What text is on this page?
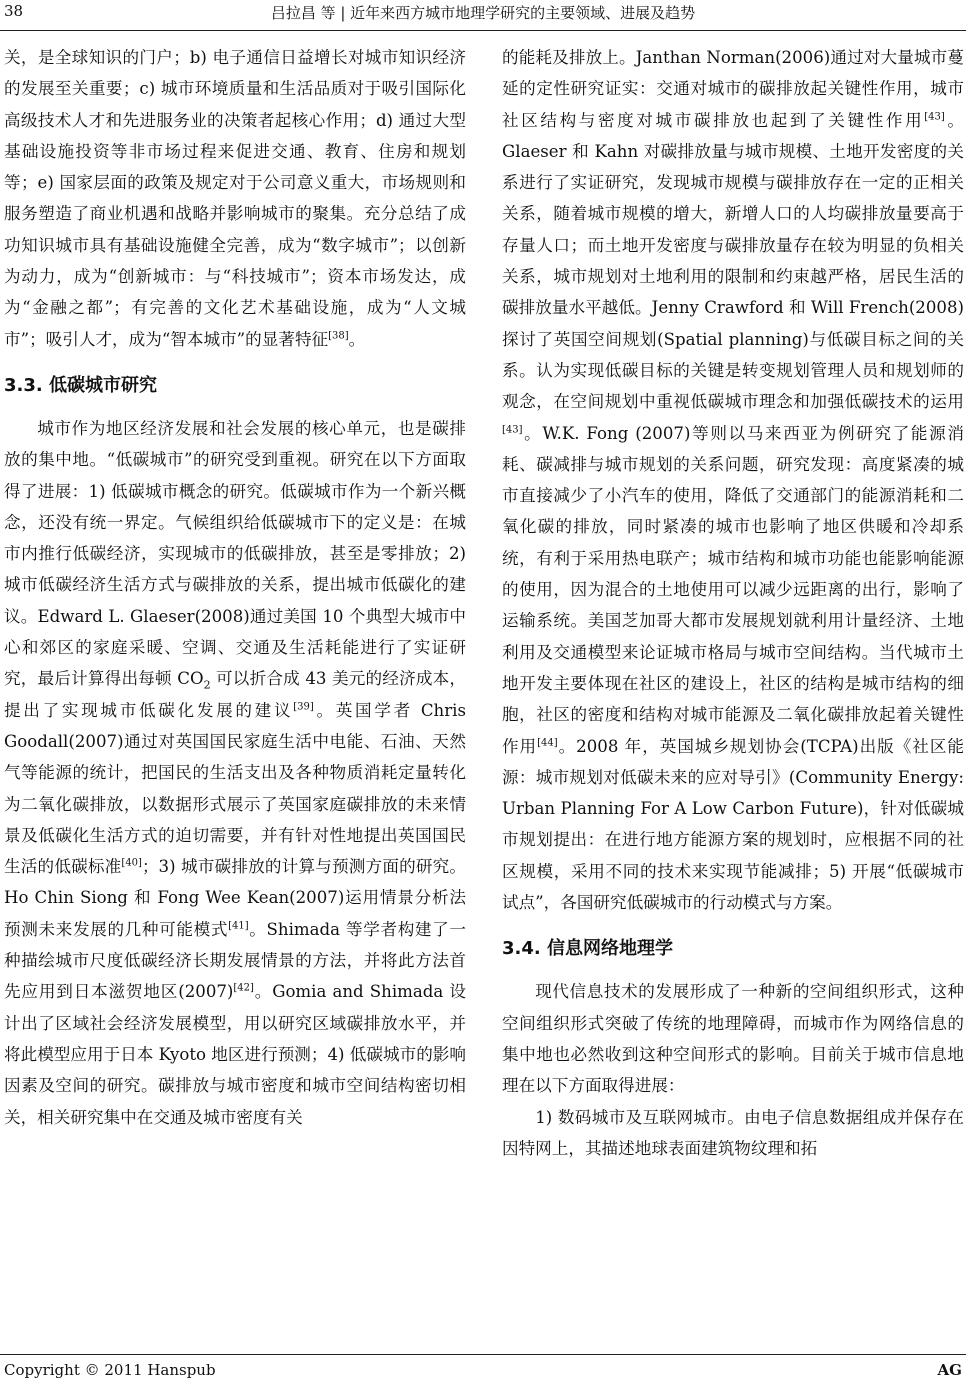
38	吕拉昌 等 | 近年来西方城市地理学研究的主要领域、进展及趋势

关，是全球知识的门户；b) 电子通信日益增长对城市知识经济的发展至关重要；c) 城市环境质量和生活品质对于吸引国际化高级技术人才和先进服务业的决策者起核心作用；d) 通过大型基础设施投资等非市场过程来促进交通、教育、住房和规划等；e) 国家层面的政策及规定对于公司意义重大，市场规则和服务塑造了商业机遇和战略并影响城市的聚集。充分总结了成功知识城市具有基础设施健全完善，成为“数字城市”；以创新为动力，成为“创新城市：与“科技城市”；资本市场发达，成为“金融之都”；有完善的文化艺术基础设施，成为“人文城市”；吸引人才，成为“智本城市”的显著特征[38]。

3.3. 低碳城市研究

城市作为地区经济发展和社会发展的核心单元，也是碳排放的集中地。“低碳城市”的研究受到重视。研究在以下方面取得了进展：1) 低碳城市概念的研究。低碳城市作为一个新兴概念，还没有统一界定。气候组织给低碳城市下的定义是：在城市内推行低碳经济，实现城市的低碳排放，甚至是零排放；2) 城市低碳经济生活方式与碳排放的关系，提出城市低碳化的建议。Edward L. Glaeser(2008)通过美国 10 个典型大城市中心和郊区的家庭采暖、空调、交通及生活耗能进行了实证研究，最后计算得出每顿 $CO_2$ 可以折合成 43 美元的经济成本，提出了实现城市低碳化发展的建议[39]。英国学者 Chris Goodall(2007)通过对英国国民家庭生活中电能、石油、天然气等能源的统计，把国民的生活支出及各种物质消耗定量转化为二氧化碳排放，以数据形式展示了英国家庭碳排放的未来情景及低碳化生活方式的迫切需要，并有针对性地提出英国国民生活的低碳标准[40]；3) 城市碳排放的计算与预测方面的研究。Ho Chin Siong 和 Fong Wee Kean(2007)运用情景分析法预测未来发展的几种可能模式[41]。Shimada 等学者构建了一种描绘城市尺度低碳经济长期发展情景的方法，并将此方法首先应用到日本滋贺地区(2007)[42]。Gomia and Shimada 设计出了区域社会经济发展模型，用以研究区域碳排放水平，并将此模型应用于日本 Kyoto 地区进行预测；4) 低碳城市的影响因素及空间的研究。碳排放与城市密度和城市空间结构密切相关，相关研究集中在交通及城市密度有关

的能耗及排放上。Janthan Norman(2006)通过对大量城市蔓延的定性研究证实：交通对城市的碳排放起关键性作用，城市社区结构与密度对城市碳排放也起到了关键性作用[43]。Glaeser 和 Kahn 对碳排放量与城市规模、土地开发密度的关系进行了实证研究，发现城市规模与碳排放存在一定的正相关关系，随着城市规模的增大，新增人口的人均碳排放量要高于存量人口；而土地开发密度与碳排放量存在较为明显的负相关关系，城市规划对土地利用的限制和约束越严格，居民生活的碳排放量水平越低。Jenny Crawford 和 Will French(2008)探讨了英国空间规划(Spatial planning)与低碳目标之间的关系。认为实现低碳目标的关键是转变规划管理人员和规划师的观念，在空间规划中重视低碳城市理念和加强低碳技术的运用[43]。W.K. Fong (2007)等则以马来西亚为例研究了能源消耗、碳减排与城市规划的关系问题，研究发现：高度紧凑的城市直接减少了小汽车的使用，降低了交通部门的能源消耗和二氧化碳的排放，同时紧凑的城市也影响了地区供暖和冷却系统，有利于采用热电联产；城市结构和城市功能也能影响能源的使用，因为混合的土地使用可以减少远距离的出行，影响了运输系统。美国芝加哥大都市发展规划就利用计量经济、土地利用及交通模型来论证城市格局与城市空间结构。当代城市土地开发主要体现在社区的建设上，社区的结构是城市结构的细胞，社区的密度和结构对城市能源及二氧化碳排放起着关键性作用[44]。2008 年，英国城乡规划协会(TCPA)出版《社区能源：城市规划对低碳未来的应对导引》(Community Energy: Urban Planning For A Low Carbon Future)，针对低碳城市规划提出：在进行地方能源方案的规划时，应根据不同的社区规模，采用不同的技术来实现节能减排；5) 开展“低碳城市试点”，各国研究低碳城市的行动模式与方案。

3.4. 信息网络地理学

现代信息技术的发展形成了一种新的空间组织形式，这种空间组织形式突破了传统的地理障碍，而城市作为网络信息的集中地也必然收到这种空间形式的影响。目前关于城市信息地理在以下方面取得进展：

1) 数码城市及互联网城市。由电子信息数据组成并保存在因特网上，其描述地球表面建筑物纹理和拓

Copyright © 2011 Hanspub	AG
